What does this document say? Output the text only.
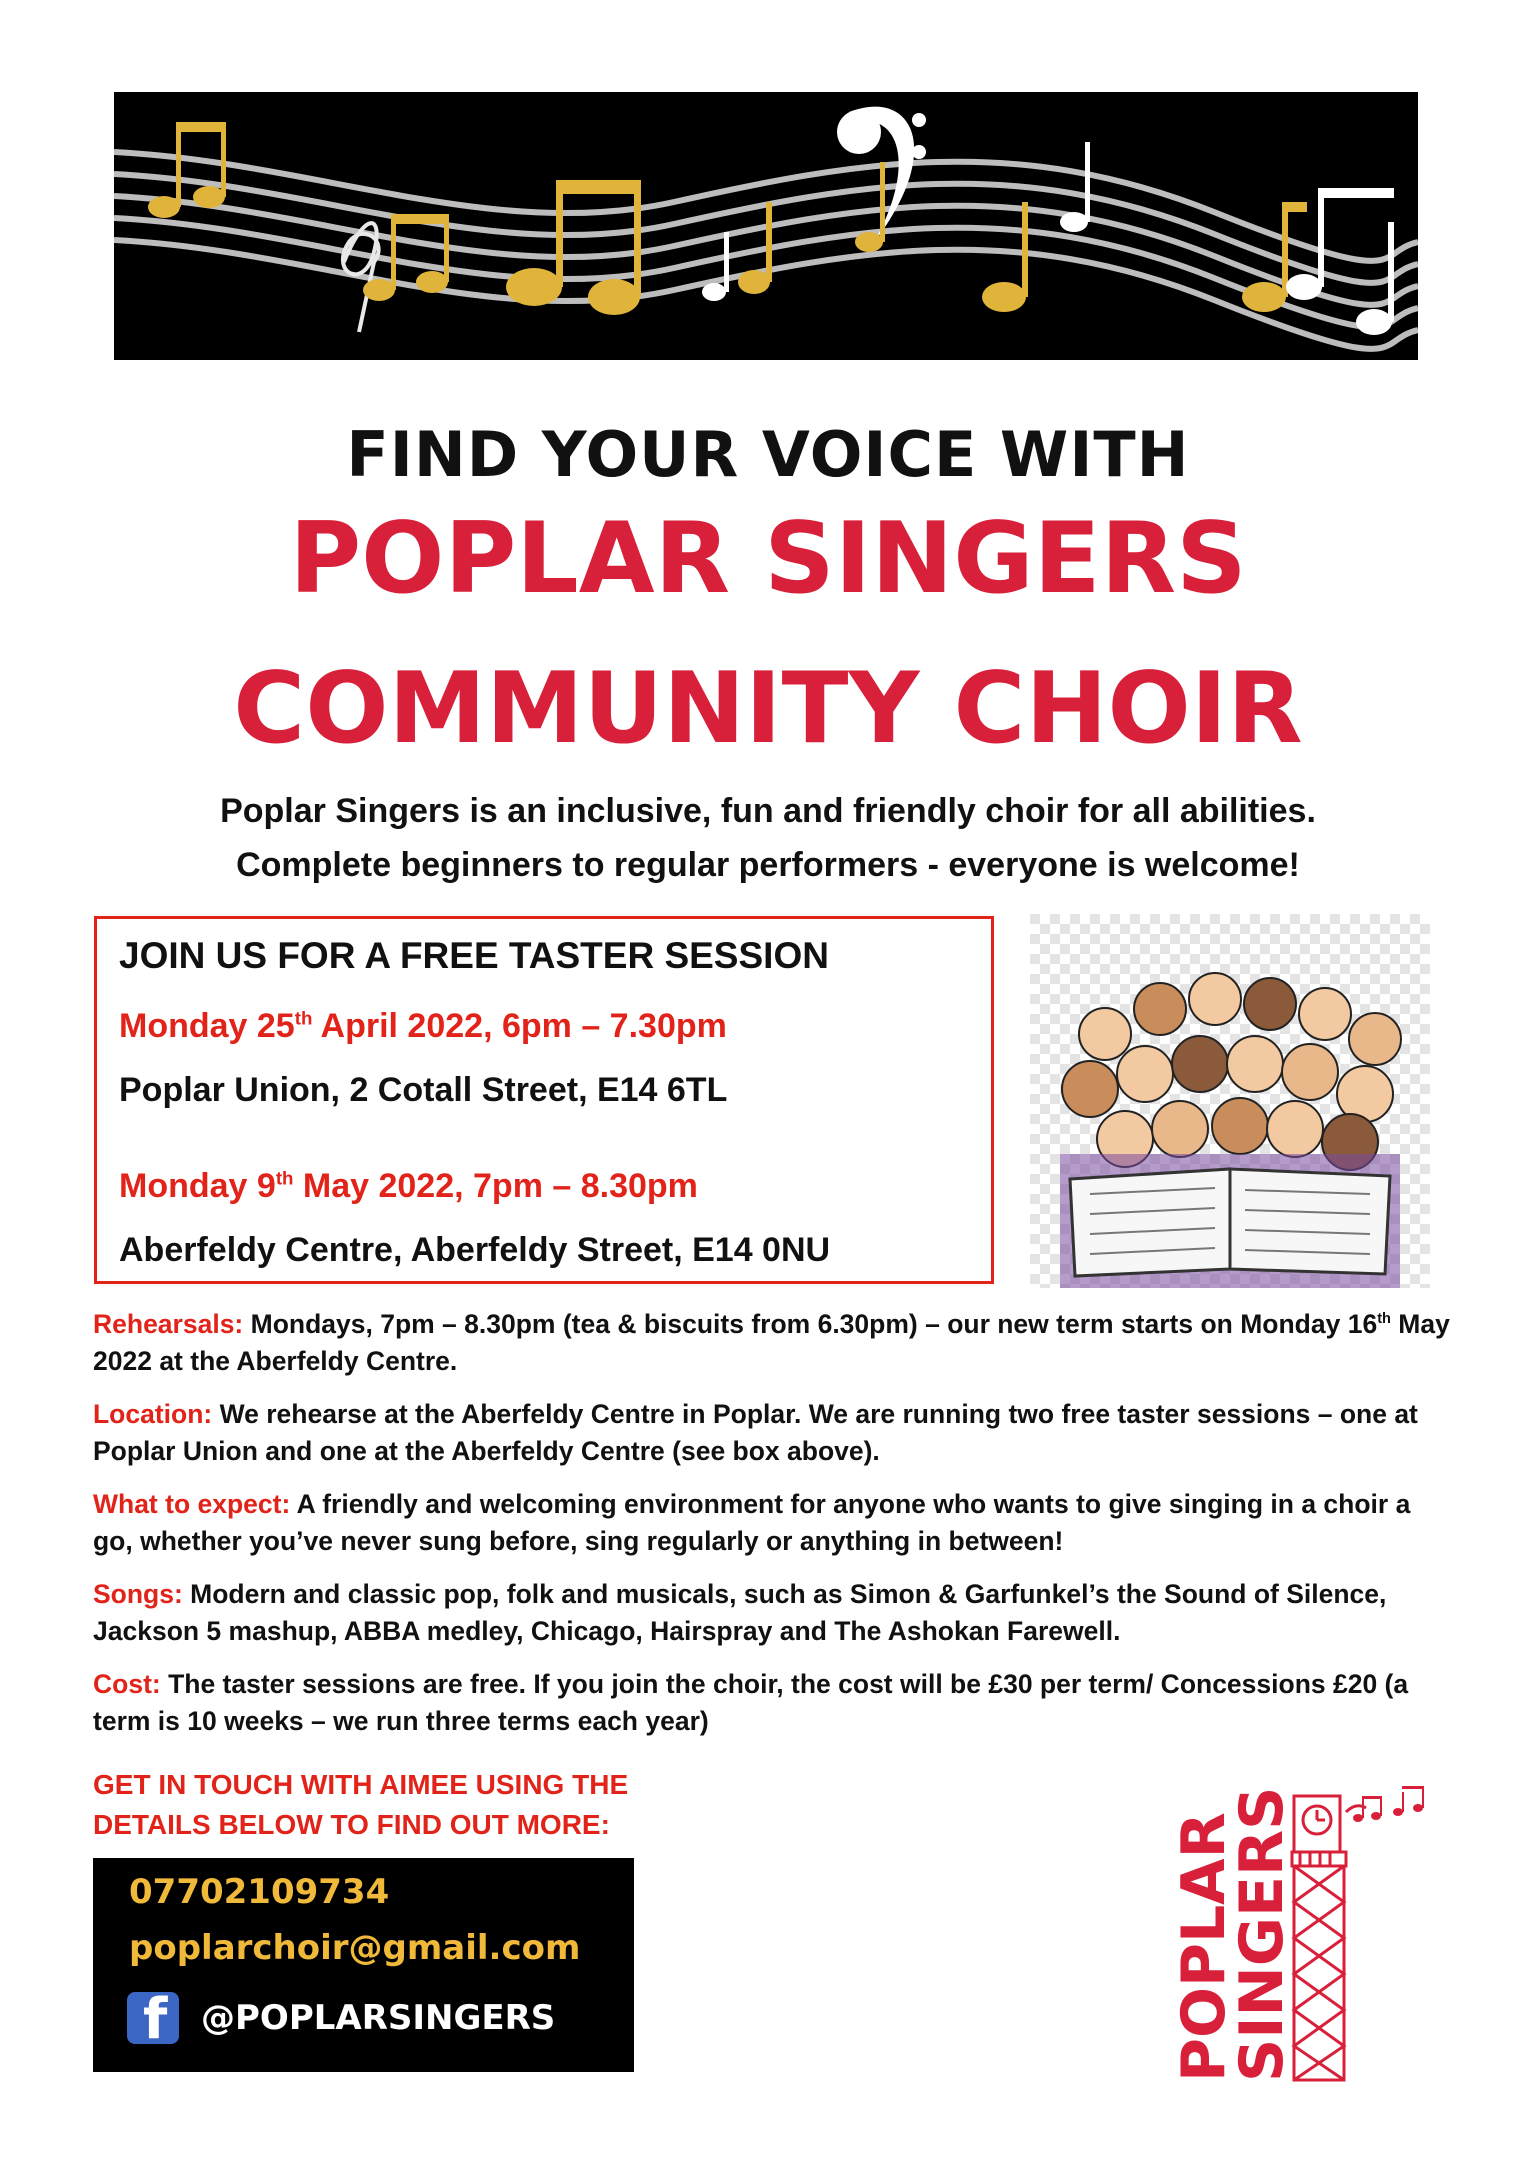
FIND YOUR VOICE WITH
POPLAR SINGERS
COMMUNITY CHOIR
Poplar Singers is an inclusive, fun and friendly choir for all abilities.
Complete beginners to regular performers - everyone is welcome!
JOIN US FOR A FREE TASTER SESSION
Monday 25th April 2022, 6pm – 7.30pm
Poplar Union, 2 Cotall Street, E14 6TL
Monday 9th May 2022, 7pm – 8.30pm
Aberfeldy Centre, Aberfeldy Street, E14 0NU
Rehearsals: Mondays, 7pm – 8.30pm (tea & biscuits from 6.30pm) – our new term starts on Monday 16th May 2022 at the Aberfeldy Centre.
Location: We rehearse at the Aberfeldy Centre in Poplar. We are running two free taster sessions – one at Poplar Union and one at the Aberfeldy Centre (see box above).
What to expect: A friendly and welcoming environment for anyone who wants to give singing in a choir a go, whether you’ve never sung before, sing regularly or anything in between!
Songs: Modern and classic pop, folk and musicals, such as Simon & Garfunkel’s the Sound of Silence, Jackson 5 mashup, ABBA medley, Chicago, Hairspray and The Ashokan Farewell.
Cost: The taster sessions are free. If you join the choir, the cost will be £30 per term/ Concessions £20 (a term is 10 weeks – we run three terms each year)
GET IN TOUCH WITH AIMEE USING THE
DETAILS BELOW TO FIND OUT MORE:
07702109734
poplarchoir@gmail.com
f @POPLARSINGERS	POPLAR
SINGERS
